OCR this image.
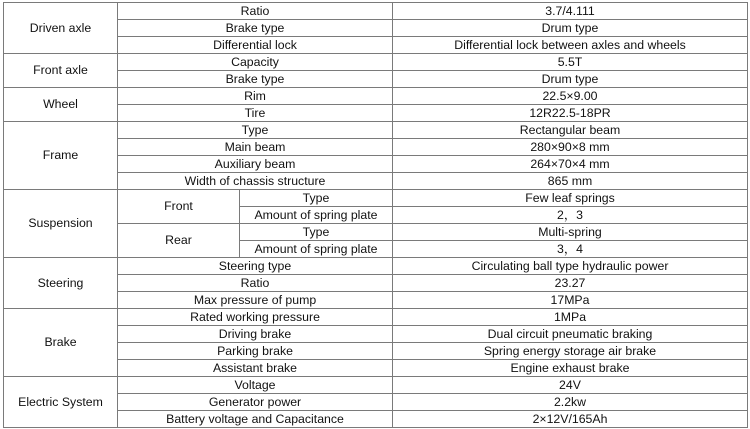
Driven axle	Ratio		3.7/4.111
	Brake type		Drum type
	Differential lock		Differential lock between axles and wheels
Front axle	Capacity		5.5T
	Brake type		Drum type
Wheel	Rim		22.5×9.00
	Tire		12R22.5-18PR
Frame	Type		Rectangular beam
	Main beam		280×90×8 mm
	Auxiliary beam		264×70×4 mm
	Width of chassis structure		865 mm
Suspension	Front	Type	Few leaf springs
		Amount of spring plate	2，3
	Rear	Type	Multi-spring
		Amount of spring plate	3，4
Steering	Steering type		Circulating ball type hydraulic power
	Ratio		23.27
	Max pressure of pump		17MPa
Brake	Rated working pressure		1MPa
	Driving brake		Dual circuit pneumatic braking
	Parking brake		Spring energy storage air brake
	Assistant brake		Engine exhaust brake
Electric System	Voltage		24V
	Generator power		2.2kw
	Battery voltage and Capacitance		2×12V/165Ah
